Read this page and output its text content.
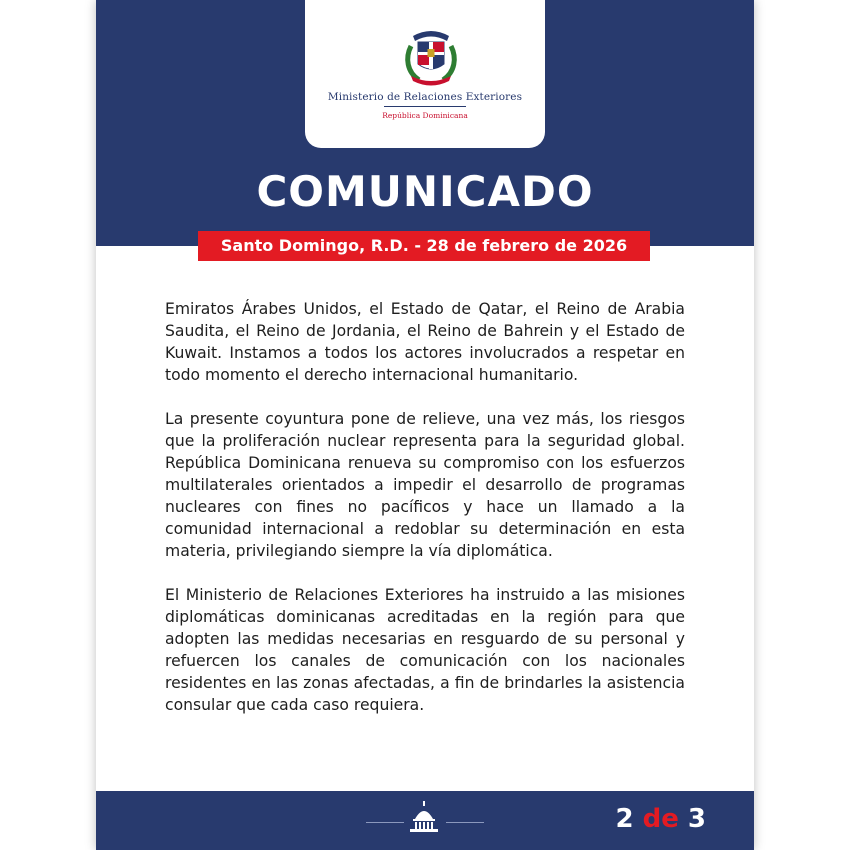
Ministerio de Relaciones Exteriores
República Dominicana
COMUNICADO
Santo Domingo, R.D. - 28 de febrero de 2026

Emiratos Árabes Unidos, el Estado de Qatar, el Reino de Arabia Saudita, el Reino de Jordania, el Reino de Bahrein y el Estado de Kuwait. Instamos a todos los actores involucrados a respetar en todo momento el derecho internacional humanitario.

La presente coyuntura pone de relieve, una vez más, los riesgos que la proliferación nuclear representa para la seguridad global. República Dominicana renueva su compromiso con los esfuerzos multilaterales orientados a impedir el desarrollo de programas nucleares con fines no pacíficos y hace un llamado a la comunidad internacional a redoblar su determinación en esta materia, privilegiando siempre la vía diplomática.

El Ministerio de Relaciones Exteriores ha instruido a las misiones diplomáticas dominicanas acreditadas en la región para que adopten las medidas necesarias en resguardo de su personal y refuercen los canales de comunicación con los nacionales residentes en las zonas afectadas, a fin de brindarles la asistencia consular que cada caso requiera.

2 de 3
